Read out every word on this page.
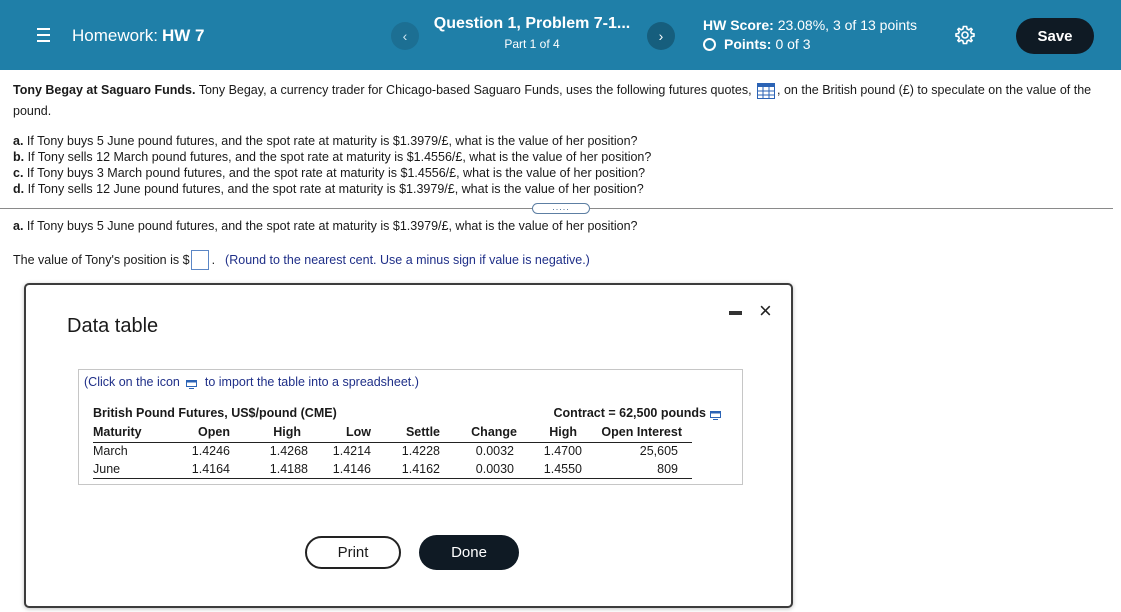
Homework: HW 7	‹
Question 1, Problem 7-1...
Part 1 of 4	›
HW Score: 23.08%, 3 of 13 points
Points: 0 of 3	Save
Tony Begay at Saguaro Funds. Tony Begay, a currency trader for Chicago-based Saguaro Funds, uses the following futures quotes, , on the British pound (£) to speculate on the value of the pound.
a. If Tony buys 5 June pound futures, and the spot rate at maturity is $1.3979/£, what is the value of her position?
b. If Tony sells 12 March pound futures, and the spot rate at maturity is $1.4556/£, what is the value of her position?
c. If Tony buys 3 March pound futures, and the spot rate at maturity is $1.4556/£, what is the value of her position?
d. If Tony sells 12 June pound futures, and the spot rate at maturity is $1.3979/£, what is the value of her position?
.....
a. If Tony buys 5 June pound futures, and the spot rate at maturity is $1.3979/£, what is the value of her position?
The value of Tony's position is $ . (Round to the nearest cent. Use a minus sign if value is negative.)
Data table
×
(Click on the icon to import the table into a spreadsheet.)
British Pound Futures, US$/pound (CME)	Contract = 62,500 pounds
Maturity	Open	High	Low	Settle	Change	High	Open Interest
March	1.4246	1.4268	1.4214	1.4228	0.0032	1.4700	25,605
June	1.4164	1.4188	1.4146	1.4162	0.0030	1.4550	809
Print	Done
